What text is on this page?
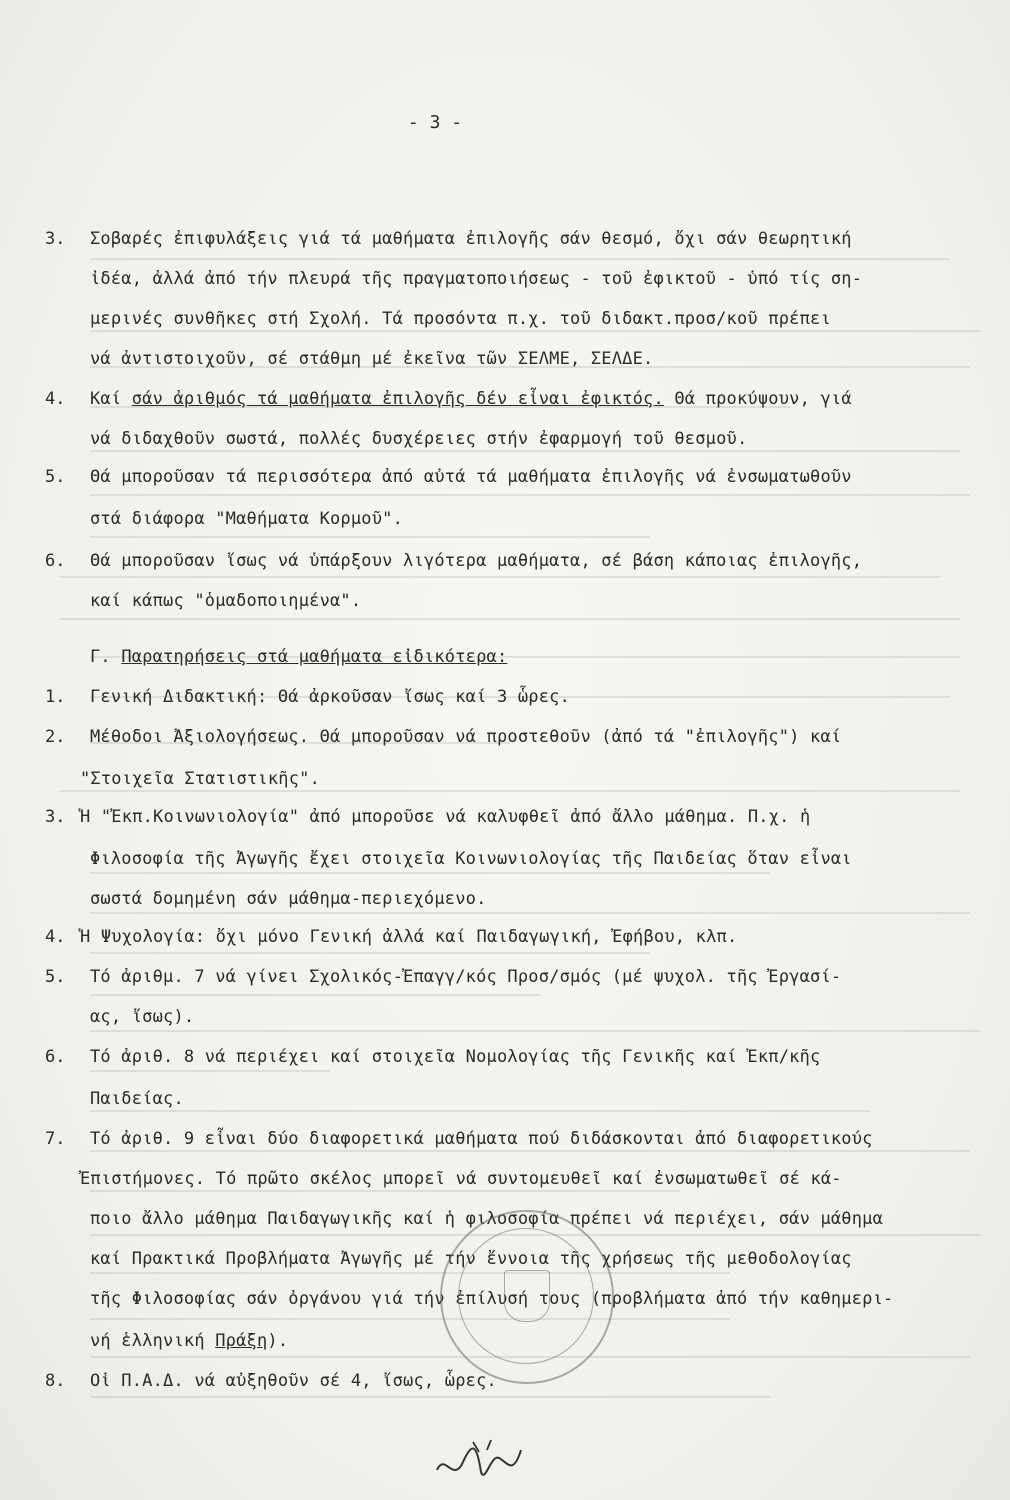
- 3 -
3. Σοβαρές ἐπιφυλάξεις γιά τά μαθήματα ἐπιλογῆς σάν θεσμό, ὄχι σάν θεωρητική
ἰδέα, ἀλλά ἀπό τήν πλευρά τῆς πραγματοποιήσεως - τοῦ ἐφικτοῦ - ὑπό τίς ση-
μερινές συνθῆκες στή Σχολή. Τά προσόντα π.χ. τοῦ διδακτ.προσ/κοῦ πρέπει
νά ἀντιστοιχοῦν, σέ στάθμη μέ ἐκεῖνα τῶν ΣΕΛΜΕ, ΣΕΛΔΕ.
4. Καί σάν ἀριθμός τά μαθήματα ἐπιλογῆς δέν εἶναι ἐφικτός. Θά προκύψουν, γιά
νά διδαχθοῦν σωστά, πολλές δυσχέρειες στήν ἐφαρμογή τοῦ θεσμοῦ.
5. Θά μποροῦσαν τά περισσότερα ἀπό αὐτά τά μαθήματα ἐπιλογῆς νά ἐνσωματωθοῦν
στά διάφορα "Μαθήματα Κορμοῦ".
6. Θά μποροῦσαν ἴσως νά ὑπάρξουν λιγότερα μαθήματα, σέ βάση κάποιας ἐπιλογῆς,
καί κάπως "ὁμαδοποιημένα".
Γ. Παρατηρήσεις στά μαθήματα εἰδικότερα:
1. Γενική Διδακτική: Θά ἀρκοῦσαν ἴσως καί 3 ὧρες.
2. Μέθοδοι Ἀξιολογήσεως. Θά μποροῦσαν νά προστεθοῦν (ἀπό τά "ἐπιλογῆς") καί
"Στοιχεῖα Στατιστικῆς".
3. Ἡ "Ἐκπ.Κοινωνιολογία" ἀπό μποροῦσε νά καλυφθεῖ ἀπό ἄλλο μάθημα. Π.χ. ἡ
Φιλοσοφία τῆς Ἀγωγῆς ἔχει στοιχεῖα Κοινωνιολογίας τῆς Παιδείας ὅταν εἶναι
σωστά δομημένη σάν μάθημα-περιεχόμενο.
4. Ἡ Ψυχολογία: ὄχι μόνο Γενική ἀλλά καί Παιδαγωγική, Ἐφήβου, κλπ.
5. Τό ἀριθμ. 7 νά γίνει Σχολικός-Ἐπαγγ/κός Προσ/σμός (μέ ψυχολ. τῆς Ἐργασί-
ας, ἴσως).
6. Τό ἀριθ. 8 νά περιέχει καί στοιχεῖα Νομολογίας τῆς Γενικῆς καί Ἐκπ/κῆς
Παιδείας.
7. Τό ἀριθ. 9 εἶναι δύο διαφορετικά μαθήματα πού διδάσκονται ἀπό διαφορετικούς
Ἐπιστήμονες. Τό πρῶτο σκέλος μπορεῖ νά συντομευθεῖ καί ἐνσωματωθεῖ σέ κά-
ποιο ἄλλο μάθημα Παιδαγωγικῆς καί ἡ φιλοσοφία πρέπει νά περιέχει, σάν μάθημα
καί Πρακτικά Προβλήματα Ἀγωγῆς μέ τήν ἔννοια τῆς χρήσεως τῆς μεθοδολογίας
τῆς Φιλοσοφίας σάν ὀργάνου γιά τήν ἐπίλυσή τους (προβλήματα ἀπό τήν καθημερι-
νή ἑλληνική Πράξη).
8. Οἱ Π.Α.Δ. νά αὐξηθοῦν σέ 4, ἴσως, ὧρες.
